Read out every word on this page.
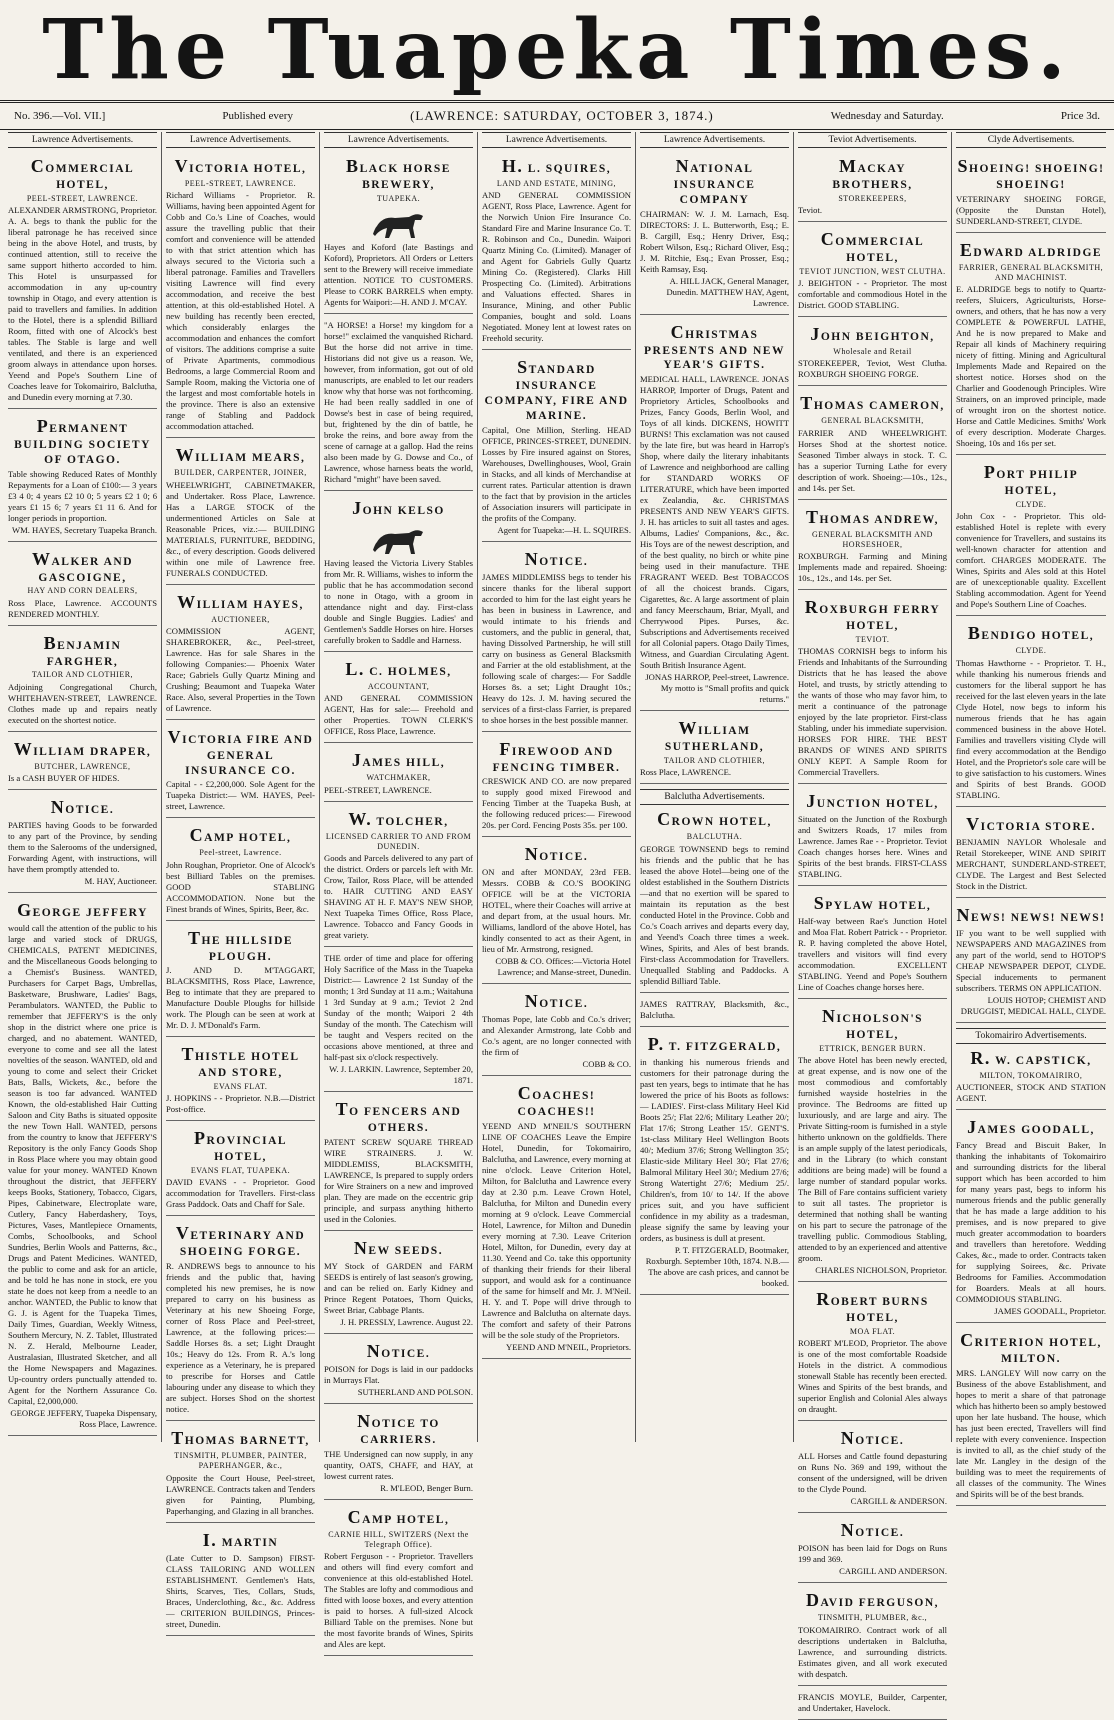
The Tuapeka Times.
No. 396.—Vol. VII.]	Published every	(LAWRENCE: SATURDAY, OCTOBER 3, 1874.)	Wednesday and Saturday.	Price 3d.
Lawrence Advertisements.
COMMERCIAL HOTEL,
PEEL-STREET, LAWRENCE.

ALEXANDER ARMSTRONG, Proprietor. A. A. begs to thank the public for the liberal patronage he has received since being in the above Hotel, and trusts, by continued attention, still to receive the same support hitherto accorded to him. This Hotel is unsurpassed for accommodation in any up-country township in Otago, and every attention is paid to travellers and families. In addition to the Hotel, there is a splendid Billiard Room, fitted with one of Alcock's best tables. The Stable is large and well ventilated, and there is an experienced groom always in attendance upon horses. Yeend and Pope's Southern Line of Coaches leave for Tokomairiro, Balclutha, and Dunedin every morning at 7.30.

PERMANENT BUILDING SOCIETY OF OTAGO.

Table showing Reduced Rates of Monthly Repayments for a Loan of £100:— 3 years £3 4 0; 4 years £2 10 0; 5 years £2 1 0; 6 years £1 15 6; 7 years £1 11 6. And for longer periods in proportion.

WM. HAYES, Secretary Tuapeka Branch.

WALKER AND GASCOIGNE,
HAY AND CORN DEALERS,

Ross Place, Lawrence. ACCOUNTS RENDERED MONTHLY.

BENJAMIN FARGHER,
TAILOR AND CLOTHIER,

Adjoining Congregational Church, WHITEHAVEN-STREET, LAWRENCE. Clothes made up and repairs neatly executed on the shortest notice.

WILLIAM DRAPER,
BUTCHER, LAWRENCE,

Is a CASH BUYER OF HIDES.

NOTICE.

PARTIES having Goods to be forwarded to any part of the Province, by sending them to the Salerooms of the undersigned, Forwarding Agent, with instructions, will have them promptly attended to.

M. HAY, Auctioneer.

GEORGE JEFFERY

would call the attention of the public to his large and varied stock of DRUGS, CHEMICALS, PATENT MEDICINES, and the Miscellaneous Goods belonging to a Chemist's Business. WANTED, Purchasers for Carpet Bags, Umbrellas, Basketware, Brushware, Ladies' Bags, Perambulators. WANTED, the Public to remember that JEFFERY'S is the only shop in the district where one price is charged, and no abatement. WANTED, everyone to come and see all the latest novelties of the season. WANTED, old and young to come and select their Cricket Bats, Balls, Wickets, &c., before the season is too far advanced. WANTED Known, the old-established Hair Cutting Saloon and City Baths is situated opposite the new Town Hall. WANTED, persons from the country to know that JEFFERY'S Repository is the only Fancy Goods Shop in Ross Place where you may obtain good value for your money. WANTED Known throughout the district, that JEFFERY keeps Books, Stationery, Tobacco, Cigars, Pipes, Cabinetware, Electroplate ware, Cutlery, Fancy Haberdashery, Toys, Pictures, Vases, Mantlepiece Ornaments, Combs, Schoolbooks, and School Sundries, Berlin Wools and Patterns, &c., Drugs and Patent Medicines. WANTED, the public to come and ask for an article, and be told he has none in stock, ere you state he does not keep from a needle to an anchor. WANTED, the Public to know that G. J. is Agent for the Tuapeka Times, Daily Times, Guardian, Weekly Witness, Southern Mercury, N. Z. Tablet, Illustrated N. Z. Herald, Melbourne Leader, Australasian, Illustrated Sketcher, and all the Home Newspapers and Magazines. Up-country orders punctually attended to. Agent for the Northern Assurance Co. Capital, £2,000,000.

GEORGE JEFFERY, Tuapeka Dispensary, Ross Place, Lawrence.

Lawrence Advertisements.
VICTORIA HOTEL,
PEEL-STREET, LAWRENCE.

Richard Williams - Proprietor. R. Williams, having been appointed Agent for Cobb and Co.'s Line of Coaches, would assure the travelling public that their comfort and convenience will be attended to with that strict attention which has always secured to the Victoria such a liberal patronage. Families and Travellers visiting Lawrence will find every accommodation, and receive the best attention, at this old-established Hotel. A new building has recently been erected, which considerably enlarges the accommodation and enhances the comfort of visitors. The additions comprise a suite of Private Apartments, commodious Bedrooms, a large Commercial Room and Sample Room, making the Victoria one of the largest and most comfortable hotels in the province. There is also an extensive range of Stabling and Paddock accommodation attached.

WILLIAM MEARS,
BUILDER, CARPENTER, JOINER,

WHEELWRIGHT, CABINETMAKER, and Undertaker. Ross Place, Lawrence. Has a LARGE STOCK of the undermentioned Articles on Sale at Reasonable Prices, viz.:— BUILDING MATERIALS, FURNITURE, BEDDING, &c., of every description. Goods delivered within one mile of Lawrence free. FUNERALS CONDUCTED.

WILLIAM HAYES,
AUCTIONEER,

COMMISSION AGENT, SHAREBROKER, &c., Peel-street, Lawrence. Has for sale Shares in the following Companies:— Phoenix Water Race; Gabriels Gully Quartz Mining and Crushing; Beaumont and Tuapeka Water Race. Also, several Properties in the Town of Lawrence.

VICTORIA FIRE AND GENERAL INSURANCE CO.

Capital - - £2,200,000. Sole Agent for the Tuapeka District:— WM. HAYES, Peel-street, Lawrence.

CAMP HOTEL,
Peel-street, Lawrence.

John Roughan, Proprietor. One of Alcock's best Billiard Tables on the premises. GOOD STABLING ACCOMMODATION. None but the Finest brands of Wines, Spirits, Beer, &c.

THE HILLSIDE PLOUGH.

J. AND D. M'TAGGART, BLACKSMITHS, Ross Place, Lawrence, Beg to intimate that they are prepared to Manufacture Double Ploughs for hillside work. The Plough can be seen at work at Mr. D. J. M'Donald's Farm.

THISTLE HOTEL AND STORE,
EVANS FLAT.

J. HOPKINS - - Proprietor. N.B.—District Post-office.

PROVINCIAL HOTEL,
EVANS FLAT, TUAPEKA.

DAVID EVANS - - Proprietor. Good accommodation for Travellers. First-class Grass Paddock. Oats and Chaff for Sale.

VETERINARY AND SHOEING FORGE.

R. ANDREWS begs to announce to his friends and the public that, having completed his new premises, he is now prepared to carry on his business as Veterinary at his new Shoeing Forge, corner of Ross Place and Peel-street, Lawrence, at the following prices:— Saddle Horses 8s. a set; Light Draught 10s.; Heavy do 12s. From R. A.'s long experience as a Veterinary, he is prepared to prescribe for Horses and Cattle labouring under any disease to which they are subject. Horses Shod on the shortest notice.

THOMAS BARNETT,
TINSMITH, PLUMBER, PAINTER, PAPERHANGER, &c.,

Opposite the Court House, Peel-street, LAWRENCE. Contracts taken and Tenders given for Painting, Plumbing, Paperhanging, and Glazing in all branches.

I. MARTIN

(Late Cutter to D. Sampson) FIRST-CLASS TAILORING AND WOLLEN ESTABLISHMENT. Gentlemen's Hats, Shirts, Scarves, Ties, Collars, Studs, Braces, Underclothing, &c., &c. Address— CRITERION BUILDINGS, Princes-street, Dunedin.

Lawrence Advertisements.
BLACK HORSE BREWERY,
TUAPEKA.

Hayes and Koford (late Bastings and Koford), Proprietors. All Orders or Letters sent to the Brewery will receive immediate attention. NOTICE TO CUSTOMERS. Please to CORK BARRELS when empty. Agents for Waipori:—H. AND J. M'CAY.

"A HORSE! a Horse! my kingdom for a horse!" exclaimed the vanquished Richard. But the horse did not arrive in time. Historians did not give us a reason. We, however, from information, got out of old manuscripts, are enabled to let our readers know why that horse was not forthcoming. He had been really saddled in one of Dowse's best in case of being required, but, frightened by the din of battle, he broke the reins, and bore away from the scene of carnage at a gallop. Had the reins also been made by G. Dowse and Co., of Lawrence, whose harness beats the world, Richard "might" have been saved.

JOHN KELSO

Having leased the Victoria Livery Stables from Mr. R. Williams, wishes to inform the public that he has accommodation second to none in Otago, with a groom in attendance night and day. First-class double and Single Buggies. Ladies' and Gentlemen's Saddle Horses on hire. Horses carefully broken to Saddle and Harness.

L. C. HOLMES,
ACCOUNTANT,

AND GENERAL COMMISSION AGENT, Has for sale:— Freehold and other Properties. TOWN CLERK'S OFFICE, Ross Place, Lawrence.

JAMES HILL,
WATCHMAKER,

PEEL-STREET, LAWRENCE.

W. TOLCHER,
LICENSED CARRIER TO AND FROM DUNEDIN.

Goods and Parcels delivered to any part of the district. Orders or parcels left with Mr. Crow, Tailor, Ross Place, will be attended to. HAIR CUTTING AND EASY SHAVING AT H. F. MAY'S NEW SHOP, Next Tuapeka Times Office, Ross Place, Lawrence. Tobacco and Fancy Goods in great variety.

THE order of time and place for offering Holy Sacrifice of the Mass in the Tuapeka District:— Lawrence 2 1st Sunday of the month; 1 3rd Sunday at 11 a.m.; Waitahuna 1 3rd Sunday at 9 a.m.; Teviot 2 2nd Sunday of the month; Waipori 2 4th Sunday of the month. The Catechism will be taught and Vespers recited on the occasions above mentioned, at three and half-past six o'clock respectively.

W. J. LARKIN. Lawrence, September 20, 1871.

TO FENCERS AND OTHERS.

PATENT SCREW SQUARE THREAD WIRE STRAINERS. J. W. MIDDLEMISS, BLACKSMITH, LAWRENCE, Is prepared to supply orders for Wire Strainers on a new and improved plan. They are made on the eccentric grip principle, and surpass anything hitherto used in the Colonies.

NEW SEEDS.

MY Stock of GARDEN and FARM SEEDS is entirely of last season's growing, and can be relied on. Early Kidney and Prince Regent Potatoes, Thorn Quicks, Sweet Briar, Cabbage Plants.

J. H. PRESSLY, Lawrence. August 22.

NOTICE.

POISON for Dogs is laid in our paddocks in Murrays Flat.

SUTHERLAND AND POLSON.

NOTICE TO CARRIERS.

THE Undersigned can now supply, in any quantity, OATS, CHAFF, and HAY, at lowest current rates.

R. M'LEOD, Benger Burn.

CAMP HOTEL,
CARNIE HILL, SWITZERS (Next the Telegraph Office).

Robert Ferguson - - Proprietor. Travellers and others will find every comfort and convenience at this old-established Hotel. The Stables are lofty and commodious and fitted with loose boxes, and every attention is paid to horses. A full-sized Alcock Billiard Table on the premises. None but the most favorite brands of Wines, Spirits and Ales are kept.

Lawrence Advertisements.
H. L. SQUIRES,
LAND AND ESTATE, MINING,

AND GENERAL COMMISSION AGENT, Ross Place, Lawrence. Agent for the Norwich Union Fire Insurance Co. Standard Fire and Marine Insurance Co. T. R. Robinson and Co., Dunedin. Waipori Quartz Mining Co. (Limited). Manager of and Agent for Gabriels Gully Quartz Mining Co. (Registered). Clarks Hill Prospecting Co. (Limited). Arbitrations and Valuations effected. Shares in Insurance, Mining, and other Public Companies, bought and sold. Loans Negotiated. Money lent at lowest rates on Freehold security.

STANDARD INSURANCE COMPANY, FIRE AND MARINE.

Capital, One Million, Sterling. HEAD OFFICE, PRINCES-STREET, DUNEDIN. Losses by Fire insured against on Stores, Warehouses, Dwellinghouses, Wool, Grain in Stacks, and all kinds of Merchandise at current rates. Particular attention is drawn to the fact that by provision in the articles of Association insurers will participate in the profits of the Company.

Agent for Tuapeka:—H. L. SQUIRES.

NOTICE.

JAMES MIDDLEMISS begs to tender his sincere thanks for the liberal support accorded to him for the last eight years he has been in business in Lawrence, and would intimate to his friends and customers, and the public in general, that, having Dissolved Partnership, he will still carry on business as General Blacksmith and Farrier at the old establishment, at the following scale of charges:— For Saddle Horses 8s. a set; Light Draught 10s.; Heavy do 12s. J. M. having secured the services of a first-class Farrier, is prepared to shoe horses in the best possible manner.

FIREWOOD AND FENCING TIMBER.

CRESWICK AND CO. are now prepared to supply good mixed Firewood and Fencing Timber at the Tuapeka Bush, at the following reduced prices:— Firewood 20s. per Cord. Fencing Posts 35s. per 100.

NOTICE.

ON and after MONDAY, 23rd FEB. Messrs. COBB & CO.'S BOOKING OFFICE will be at the VICTORIA HOTEL, where their Coaches will arrive at and depart from, at the usual hours. Mr. Williams, landlord of the above Hotel, has kindly consented to act as their Agent, in lieu of Mr. Armstrong, resigned.

COBB & CO. Offices:—Victoria Hotel Lawrence; and Manse-street, Dunedin.

NOTICE.

Thomas Pope, late Cobb and Co.'s driver; and Alexander Armstrong, late Cobb and Co.'s agent, are no longer connected with the firm of

COBB & CO.

COACHES! COACHES!!

YEEND AND M'NEIL'S SOUTHERN LINE OF COACHES Leave the Empire Hotel, Dunedin, for Tokomairiro, Balclutha, and Lawrence, every morning at nine o'clock. Leave Criterion Hotel, Milton, for Balclutha and Lawrence every day at 2.30 p.m. Leave Crown Hotel, Balclutha, for Milton and Dunedin every morning at 9 o'clock. Leave Commercial Hotel, Lawrence, for Milton and Dunedin every morning at 7.30. Leave Criterion Hotel, Milton, for Dunedin, every day at 11.30. Yeend and Co. take this opportunity of thanking their friends for their liberal support, and would ask for a continuance of the same for himself and Mr. J. M'Neil. H. Y. and T. Pope will drive through to Lawrence and Balclutha on alternate days. The comfort and safety of their Patrons will be the sole study of the Proprietors.

YEEND AND M'NEIL, Proprietors.

Lawrence Advertisements.
NATIONAL INSURANCE COMPANY

CHAIRMAN: W. J. M. Larnach, Esq. DIRECTORS: J. L. Butterworth, Esq.; E. B. Cargill, Esq.; Henry Driver, Esq.; Robert Wilson, Esq.; Richard Oliver, Esq.; J. M. Ritchie, Esq.; Evan Prosser, Esq.; Keith Ramsay, Esq.

A. HILL JACK, General Manager, Dunedin. MATTHEW HAY, Agent, Lawrence.

CHRISTMAS PRESENTS AND NEW YEAR'S GIFTS.

MEDICAL HALL, LAWRENCE. JONAS HARROP, Importer of Drugs, Patent and Proprietory Articles, Schoolbooks and Prizes, Fancy Goods, Berlin Wool, and Toys of all kinds. DICKENS, HOWITT BURNS! This exclamation was not caused by the late fire, but was heard in Harrop's Shop, where daily the literary inhabitants of Lawrence and neighborhood are calling for STANDARD WORKS OF LITERATURE, which have been imported ex Zealandia, &c. CHRISTMAS PRESENTS AND NEW YEAR'S GIFTS. J. H. has articles to suit all tastes and ages. Albums, Ladies' Companions, &c., &c. His Toys are of the newest description, and of the best quality, no birch or white pine being used in their manufacture. THE FRAGRANT WEED. Best TOBACCOS of all the choicest brands. Cigars, Cigarettes, &c. A large assortment of plain and fancy Meerschaum, Briar, Myall, and Cherrywood Pipes. Purses, &c. Subscriptions and Advertisements received for all Colonial papers. Otago Daily Times, Witness, and Guardian Circulating Agent. South British Insurance Agent.

JONAS HARROP, Peel-street, Lawrence. My motto is "Small profits and quick returns."

WILLIAM SUTHERLAND,
TAILOR AND CLOTHIER,

Ross Place, LAWRENCE.

Balclutha Advertisements.
CROWN HOTEL,
BALCLUTHA.

GEORGE TOWNSEND begs to remind his friends and the public that he has leased the above Hotel—being one of the oldest established in the Southern Districts—and that no exertion will be spared to maintain its reputation as the best conducted Hotel in the Province. Cobb and Co.'s Coach arrives and departs every day, and Yeend's Coach three times a week. Wines, Spirits, and Ales of best brands. First-class Accommodation for Travellers. Unequalled Stabling and Paddocks. A splendid Billiard Table.

JAMES RATTRAY, Blacksmith, &c., Balclutha.

P. T. FITZGERALD,

in thanking his numerous friends and customers for their patronage during the past ten years, begs to intimate that he has lowered the price of his Boots as follows:— LADIES'. First-class Military Heel Kid Boots 25/; Flat 22/6; Military Leather 20/; Flat 17/6; Strong Leather 15/. GENT'S. 1st-class Military Heel Wellington Boots 40/; Medium 37/6; Strong Wellington 35/; Elastic-side Military Heel 30/; Flat 27/6; Balmoral Military Heel 30/; Medium 27/6; Strong Watertight 27/6; Medium 25/. Children's, from 10/ to 14/. If the above prices suit, and you have sufficient confidence in my ability as a tradesman, please signify the same by leaving your orders, as business is dull at present.

P. T. FITZGERALD, Bootmaker, Roxburgh. September 10th, 1874. N.B.—The above are cash prices, and cannot be booked.

Teviot Advertisements.
MACKAY BROTHERS,
STOREKEEPERS,

Teviot.

COMMERCIAL HOTEL,
TEVIOT JUNCTION, WEST CLUTHA.

J. BEIGHTON - - Proprietor. The most comfortable and commodious Hotel in the District. GOOD STABLING.

JOHN BEIGHTON,
Wholesale and Retail

STOREKEEPER, Teviot, West Clutha. ROXBURGH SHOEING FORGE.

THOMAS CAMERON,
GENERAL BLACKSMITH,

FARRIER AND WHEELWRIGHT. Horses Shod at the shortest notice. Seasoned Timber always in stock. T. C. has a superior Turning Lathe for every description of work. Shoeing:—10s., 12s., and 14s. per Set.

THOMAS ANDREW,
GENERAL BLACKSMITH AND HORSESHOER,

ROXBURGH. Farming and Mining Implements made and repaired. Shoeing: 10s., 12s., and 14s. per Set.

ROXBURGH FERRY HOTEL,
TEVIOT.

THOMAS CORNISH begs to inform his Friends and Inhabitants of the Surrounding Districts that he has leased the above Hotel, and trusts, by strictly attending to the wants of those who may favor him, to merit a continuance of the patronage enjoyed by the late proprietor. First-class Stabling, under his immediate supervision. HORSES FOR HIRE. THE BEST BRANDS OF WINES AND SPIRITS ONLY KEPT. A Sample Room for Commercial Travellers.

JUNCTION HOTEL,

Situated on the Junction of the Roxburgh and Switzers Roads, 17 miles from Lawrence. James Rae - - Proprietor. Teviot Coach changes horses here. Wines and Spirits of the best brands. FIRST-CLASS STABLING.

SPYLAW HOTEL,

Half-way between Rae's Junction Hotel and Moa Flat. Robert Patrick - - Proprietor. R. P. having completed the above Hotel, travellers and visitors will find every accommodation. EXCELLENT STABLING. Yeend and Pope's Southern Line of Coaches change horses here.

NICHOLSON'S HOTEL,
ETTRICK, BENGER BURN.

The above Hotel has been newly erected, at great expense, and is now one of the most commodious and comfortably furnished wayside hostelries in the province. The Bedrooms are fitted up luxuriously, and are large and airy. The Private Sitting-room is furnished in a style hitherto unknown on the goldfields. There is an ample supply of the latest periodicals, and in the Library (to which constant additions are being made) will be found a large number of standard popular works. The Bill of Fare contains sufficient variety to suit all tastes. The proprietor is determined that nothing shall be wanting on his part to secure the patronage of the travelling public. Commodious Stabling, attended to by an experienced and attentive groom.

CHARLES NICHOLSON, Proprietor.

ROBERT BURNS HOTEL,
MOA FLAT.

ROBERT M'LEOD, Proprietor. The above is one of the most comfortable Roadside Hotels in the district. A commodious stonewall Stable has recently been erected. Wines and Spirits of the best brands, and superior English and Colonial Ales always on draught.

NOTICE.

ALL Horses and Cattle found depasturing on Runs No. 369 and 199, without the consent of the undersigned, will be driven to the Clyde Pound.

CARGILL & ANDERSON.

NOTICE.

POISON has been laid for Dogs on Runs 199 and 369.

CARGILL AND ANDERSON.

DAVID FERGUSON,
TINSMITH, PLUMBER, &c.,

TOKOMAIRIRO. Contract work of all descriptions undertaken in Balclutha, Lawrence, and surrounding districts. Estimates given, and all work executed with despatch.

FRANCIS MOYLE, Builder, Carpenter, and Undertaker, Havelock.

Clyde Advertisements.
SHOEING! SHOEING! SHOEING!

VETERINARY SHOEING FORGE, (Opposite the Dunstan Hotel), SUNDERLAND-STREET, CLYDE.

EDWARD ALDRIDGE
FARRIER, GENERAL BLACKSMITH, AND MACHINIST.

E. ALDRIDGE begs to notify to Quartz-reefers, Sluicers, Agriculturists, Horse-owners, and others, that he has now a very COMPLETE & POWERFUL LATHE, And he is now prepared to Make and Repair all kinds of Machinery requiring nicety of fitting. Mining and Agricultural Implements Made and Repaired on the shortest notice. Horses shod on the Charlier and Goodenough Principles. Wire Strainers, on an improved principle, made of wrought iron on the shortest notice. Horse and Cattle Medicines. Smiths' Work of every description. Moderate Charges. Shoeing, 10s and 16s per set.

PORT PHILIP HOTEL,
CLYDE.

John Cox - - Proprietor. This old-established Hotel is replete with every convenience for Travellers, and sustains its well-known character for attention and comfort. CHARGES MODERATE. The Wines, Spirits and Ales sold at this Hotel are of unexceptionable quality. Excellent Stabling accommodation. Agent for Yeend and Pope's Southern Line of Coaches.

BENDIGO HOTEL,
CLYDE.

Thomas Hawthorne - - Proprietor. T. H., while thanking his numerous friends and customers for the liberal support he has received for the last eleven years in the late Clyde Hotel, now begs to inform his numerous friends that he has again commenced business in the above Hotel. Families and travellers visiting Clyde will find every accommodation at the Bendigo Hotel, and the Proprietor's sole care will be to give satisfaction to his customers. Wines and Spirits of best Brands. GOOD STABLING.

VICTORIA STORE.

BENJAMIN NAYLOR Wholesale and Retail Storekeeper, WINE AND SPIRIT MERCHANT, SUNDERLAND-STREET, CLYDE. The Largest and Best Selected Stock in the District.

NEWS! NEWS! NEWS!

IF you want to be well supplied with NEWSPAPERS AND MAGAZINES from any part of the world, send to HOTOP'S CHEAP NEWSPAPER DEPOT, CLYDE. Special inducements to permanent subscribers. TERMS ON APPLICATION.

LOUIS HOTOP; CHEMIST AND DRUGGIST, MEDICAL HALL, CLYDE.

Tokomairiro Advertisements.
R. W. CAPSTICK,
MILTON, TOKOMAIRIRO,

AUCTIONEER, STOCK AND STATION AGENT.

JAMES GOODALL,

Fancy Bread and Biscuit Baker, In thanking the inhabitants of Tokomairiro and surrounding districts for the liberal support which has been accorded to him for many years past, begs to inform his numerous friends and the public generally that he has made a large addition to his premises, and is now prepared to give much greater accommodation to boarders and travellers than heretofore. Wedding Cakes, &c., made to order. Contracts taken for supplying Soirees, &c. Private Bedrooms for Families. Accommodation for Boarders. Meals at all hours. COMMODIOUS STABLING.

JAMES GOODALL, Proprietor.

CRITERION HOTEL, MILTON.

MRS. LANGLEY Will now carry on the Business of the above Establishment, and hopes to merit a share of that patronage which has hitherto been so amply bestowed upon her late husband. The house, which has just been erected, Travellers will find replete with every convenience. Inspection is invited to all, as the chief study of the late Mr. Langley in the design of the building was to meet the requirements of all classes of the community. The Wines and Spirits will be of the best brands.
